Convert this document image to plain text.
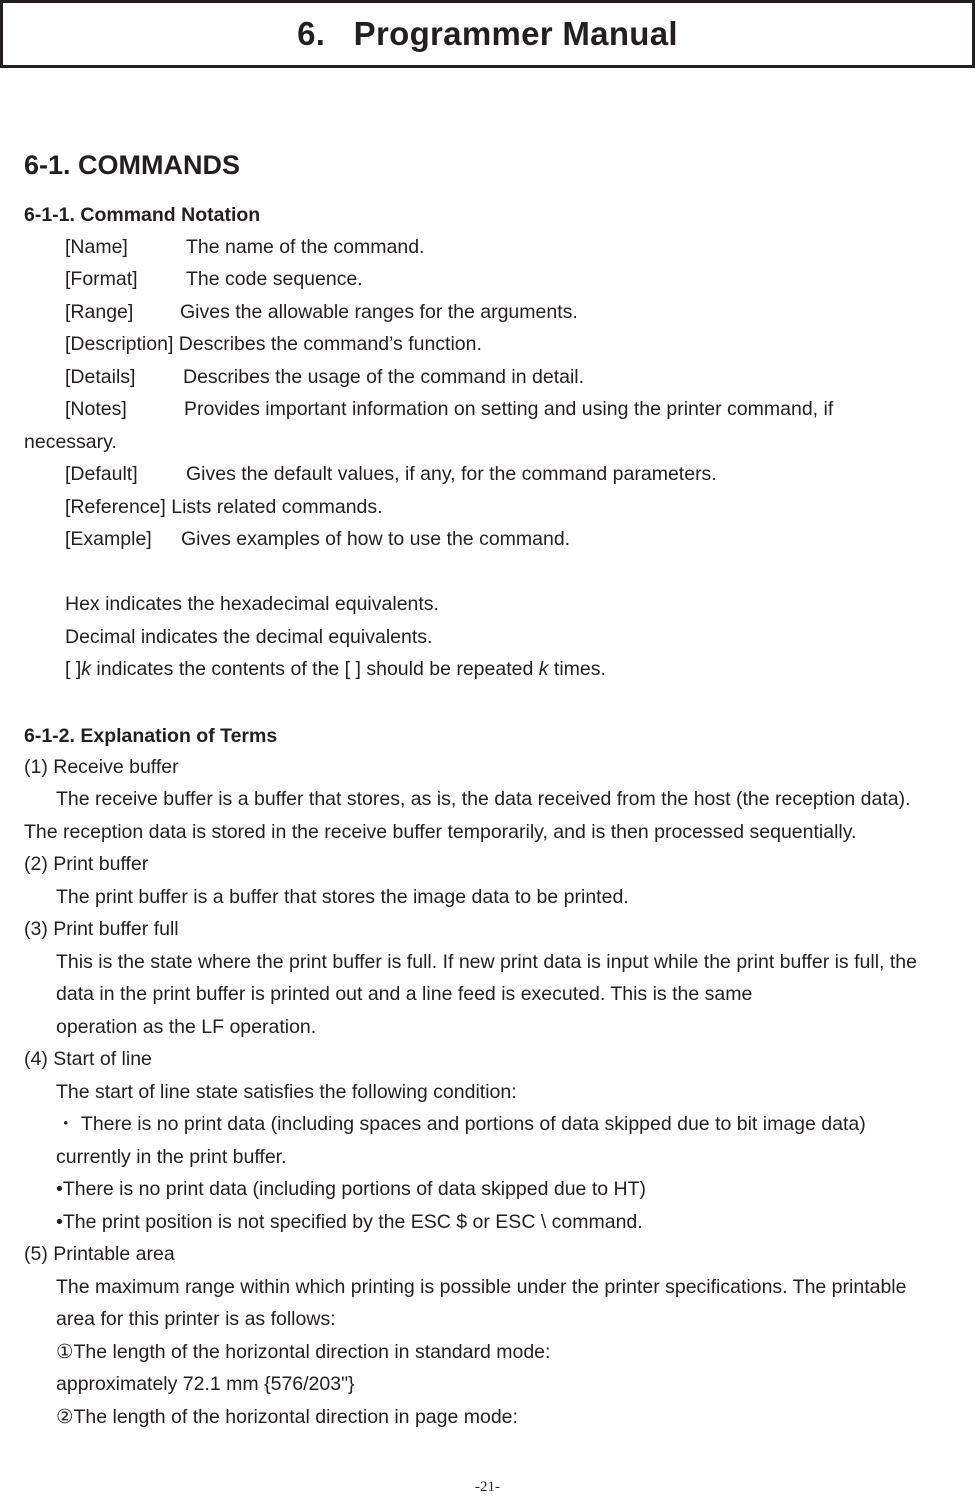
6.   Programmer Manual
6-1. COMMANDS
6-1-1. Command Notation
[Name]	The name of the command.
[Format] The code sequence.
[Range] Gives the allowable ranges for the arguments.
[Description] Describes the command’s function.
[Details] Describes the usage of the command in detail.
[Notes]	Provides important information on setting and using the printer command, if
necessary.
[Default] Gives the default values, if any, for the command parameters.
[Reference] Lists related commands.
[Example] Gives examples of how to use the command.
Hex indicates the hexadecimal equivalents.
Decimal indicates the decimal equivalents.
[ ]k indicates the contents of the [ ] should be repeated k times.
6-1-2. Explanation of Terms
(1) Receive buffer
The receive buffer is a buffer that stores, as is, the data received from the host (the reception data).
The reception data is stored in the receive buffer temporarily, and is then processed sequentially.
(2) Print buffer
The print buffer is a buffer that stores the image data to be printed.
(3) Print buffer full
This is the state where the print buffer is full. If new print data is input while the print buffer is full, the
data in the print buffer is printed out and a line feed is executed. This is the same
operation as the LF operation.
(4) Start of line
The start of line state satisfies the following condition:
・ There is no print data (including spaces and portions of data skipped due to bit image data)
currently in the print buffer.
•There is no print data (including portions of data skipped due to HT)
•The print position is not specified by the ESC $ or ESC \ command.
(5) Printable area
The maximum range within which printing is possible under the printer specifications. The printable
area for this printer is as follows:
①The length of the horizontal direction in standard mode:
approximately 72.1 mm {576/203"}
②The length of the horizontal direction in page mode:
-21-
